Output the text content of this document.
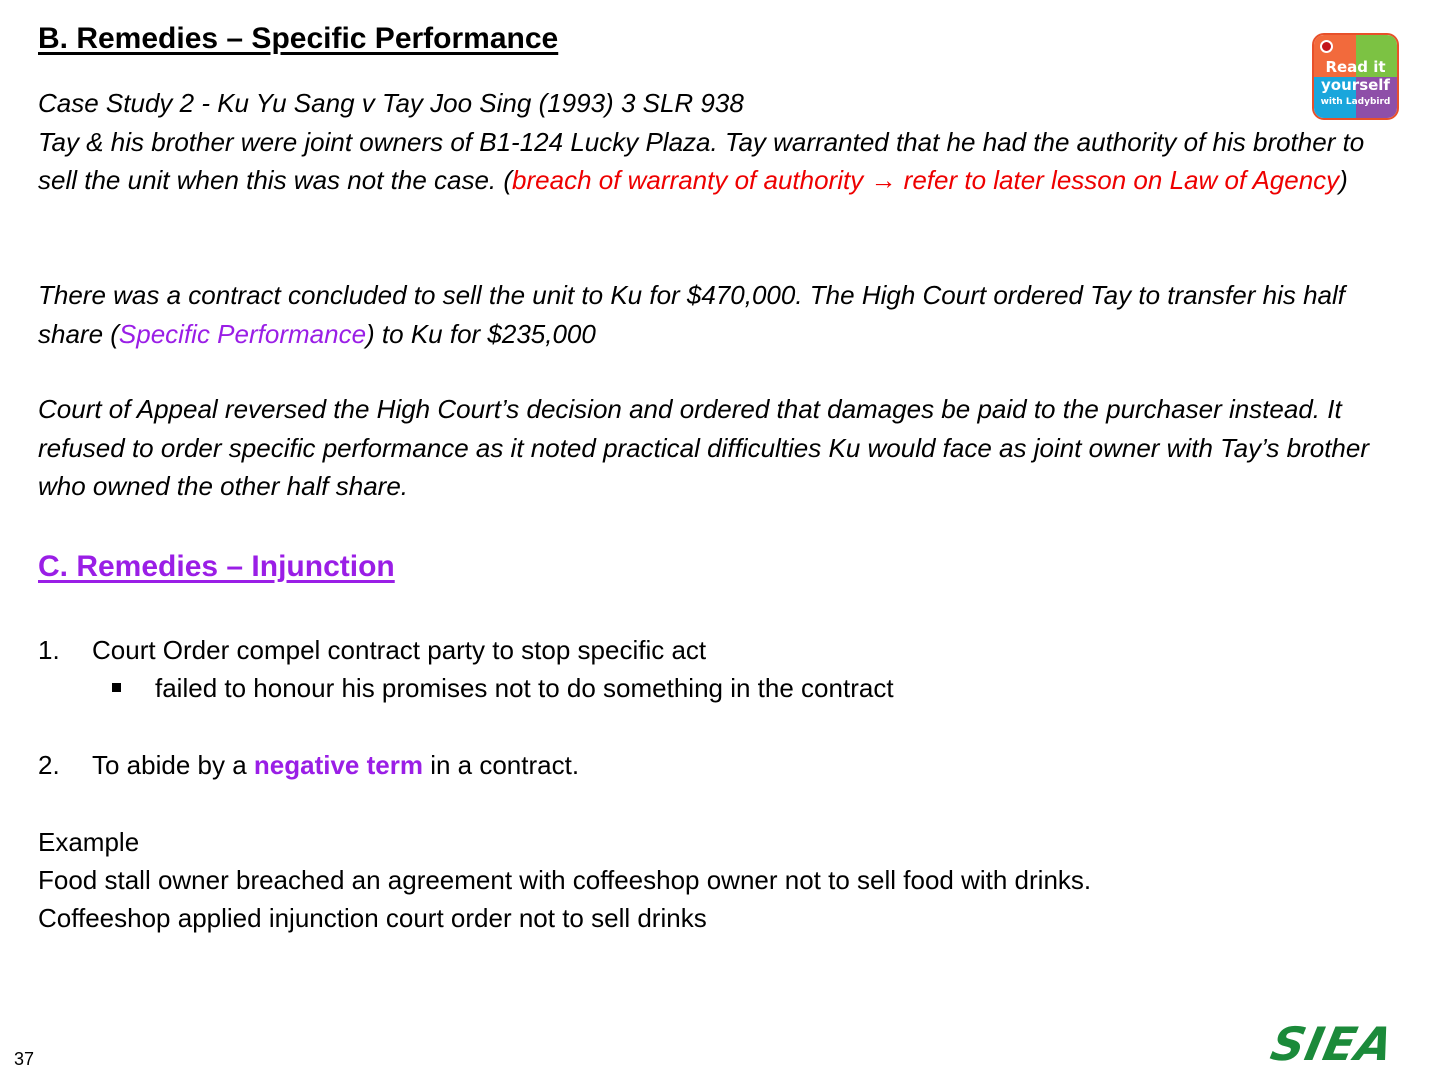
B. Remedies – Specific Performance
Read it
yourself
with Ladybird
Case Study 2 - Ku Yu Sang v Tay Joo Sing (1993) 3 SLR 938
Tay & his brother were joint owners of B1-124 Lucky Plaza. Tay warranted that he had the authority of his brother to sell the unit when this was not the case. (breach of warranty of authority → refer to later lesson on Law of Agency)
There was a contract concluded to sell the unit to Ku for $470,000. The High Court ordered Tay to transfer his half share (Specific Performance) to Ku for $235,000
Court of Appeal reversed the High Court’s decision and ordered that damages be paid to the purchaser instead. It refused to order specific performance as it noted practical difficulties Ku would face as joint owner with Tay’s brother who owned the other half share.
C. Remedies – Injunction
1. Court Order compel contract party to stop specific act
failed to honour his promises not to do something in the contract
2. To abide by a negative term in a contract.
Example
Food stall owner breached an agreement with coffeeshop owner not to sell food with drinks.
Coffeeshop applied injunction court order not to sell drinks
37	SIEA
